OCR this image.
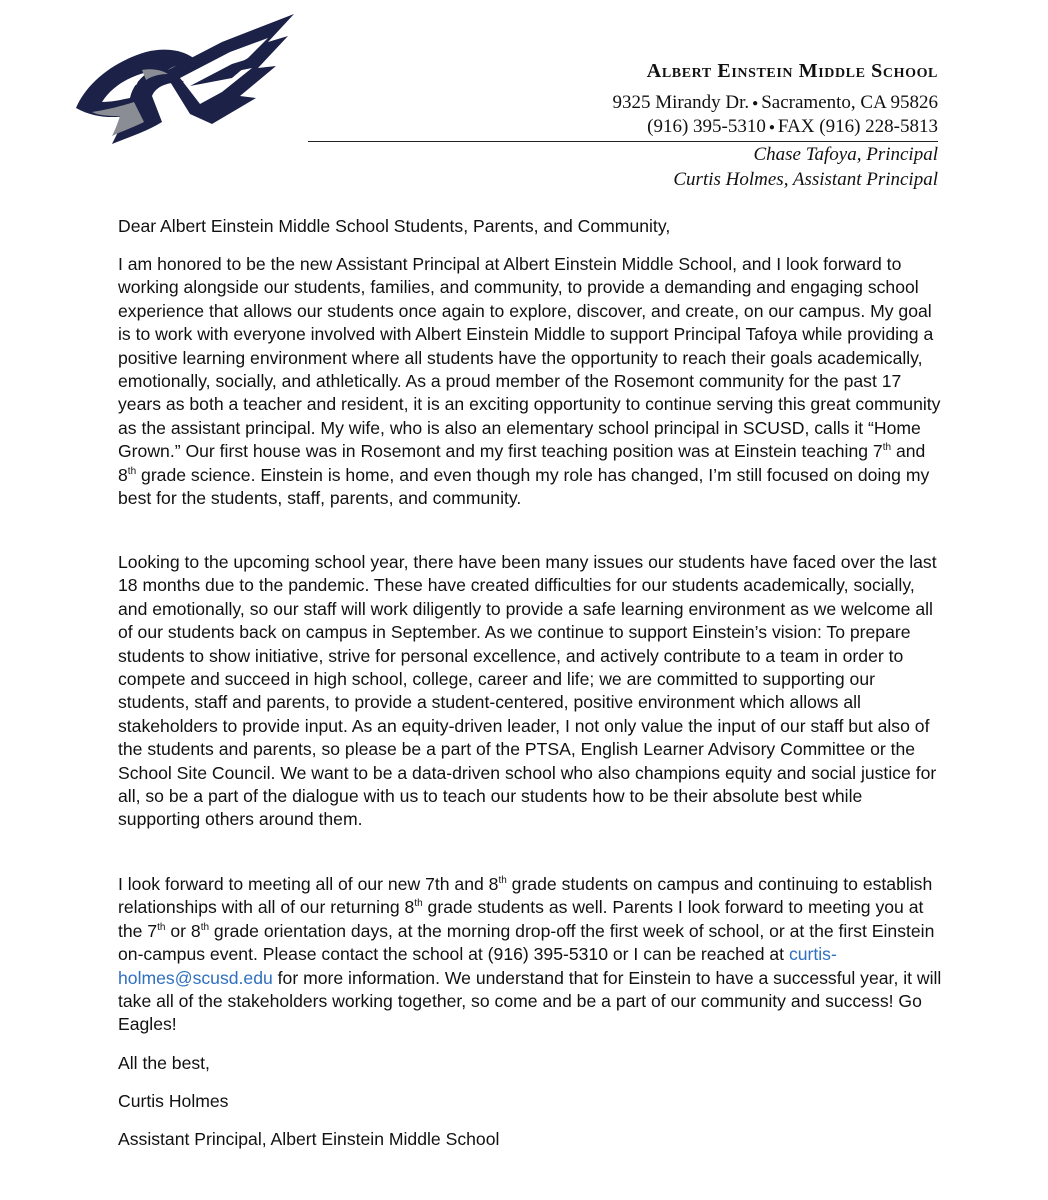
Albert Einstein Middle School
9325 Mirandy Dr. ● Sacramento, CA 95826
(916) 395-5310 ● FAX (916) 228-5813
Chase Tafoya, Principal
Curtis Holmes, Assistant Principal
Dear Albert Einstein Middle School Students, Parents, and Community,
I am honored to be the new Assistant Principal at Albert Einstein Middle School, and I look forward to working alongside our students, families, and community, to provide a demanding and engaging school experience that allows our students once again to explore, discover, and create, on our campus. My goal is to work with everyone involved with Albert Einstein Middle to support Principal Tafoya while providing a positive learning environment where all students have the opportunity to reach their goals academically, emotionally, socially, and athletically. As a proud member of the Rosemont community for the past 17 years as both a teacher and resident, it is an exciting opportunity to continue serving this great community as the assistant principal. My wife, who is also an elementary school principal in SCUSD, calls it “Home Grown.” Our first house was in Rosemont and my first teaching position was at Einstein teaching 7th and 8th grade science. Einstein is home, and even though my role has changed, I’m still focused on doing my best for the students, staff, parents, and community.
Looking to the upcoming school year, there have been many issues our students have faced over the last 18 months due to the pandemic. These have created difficulties for our students academically, socially, and emotionally, so our staff will work diligently to provide a safe learning environment as we welcome all of our students back on campus in September. As we continue to support Einstein’s vision: To prepare students to show initiative, strive for personal excellence, and actively contribute to a team in order to compete and succeed in high school, college, career and life; we are committed to supporting our students, staff and parents, to provide a student-centered, positive environment which allows all stakeholders to provide input. As an equity-driven leader, I not only value the input of our staff but also of the students and parents, so please be a part of the PTSA, English Learner Advisory Committee or the School Site Council. We want to be a data-driven school who also champions equity and social justice for all, so be a part of the dialogue with us to teach our students how to be their absolute best while supporting others around them.
I look forward to meeting all of our new 7th and 8th grade students on campus and continuing to establish relationships with all of our returning 8th grade students as well. Parents I look forward to meeting you at the 7th or 8th grade orientation days, at the morning drop-off the first week of school, or at the first Einstein on-campus event. Please contact the school at (916) 395-5310 or I can be reached at curtis-holmes@scusd.edu for more information. We understand that for Einstein to have a successful year, it will take all of the stakeholders working together, so come and be a part of our community and success! Go Eagles!
All the best,
Curtis Holmes
Assistant Principal, Albert Einstein Middle School
